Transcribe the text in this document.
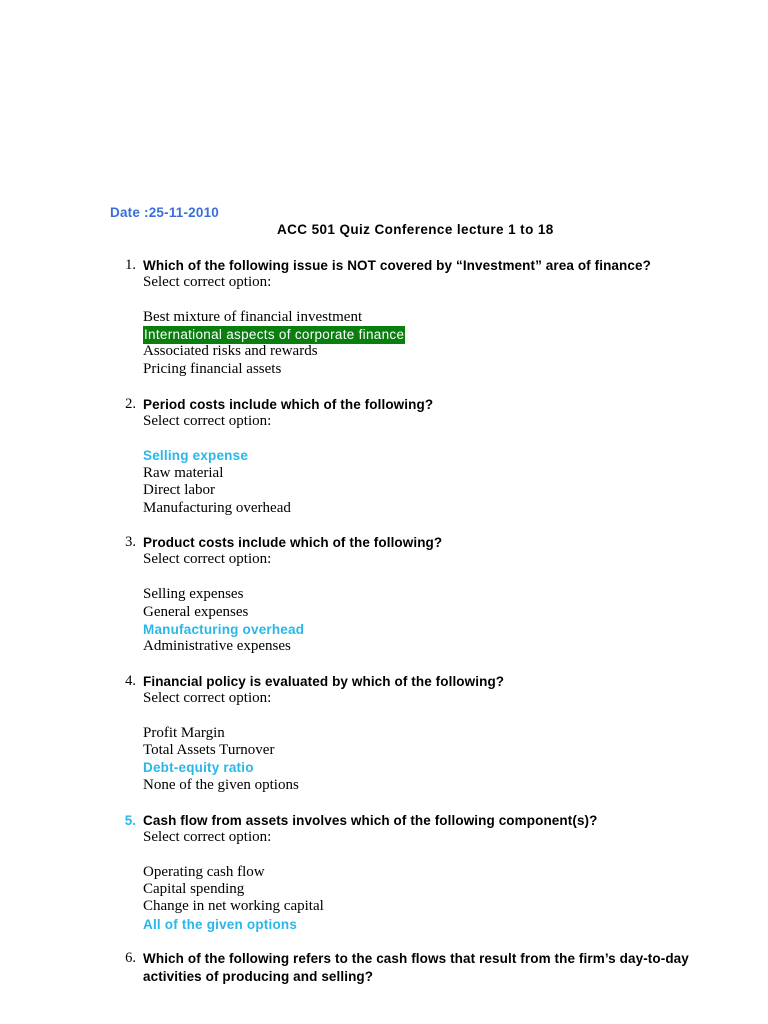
Date :25-11-2010
ACC 501 Quiz Conference lecture 1 to 18
1. Which of the following issue is NOT covered by “Investment” area of finance?
Select correct option:
Best mixture of financial investment
International aspects of corporate finance
Associated risks and rewards
Pricing financial assets
2. Period costs include which of the following?
Select correct option:
Selling expense
Raw material
Direct labor
Manufacturing overhead
3. Product costs include which of the following?
Select correct option:
Selling expenses
General expenses
Manufacturing overhead
Administrative expenses
4. Financial policy is evaluated by which of the following?
Select correct option:
Profit Margin
Total Assets Turnover
Debt-equity ratio
None of the given options
5. Cash flow from assets involves which of the following component(s)?
Select correct option:
Operating cash flow
Capital spending
Change in net working capital
All of the given options
6. Which of the following refers to the cash flows that result from the firm’s day-to-day activities of producing and selling?
